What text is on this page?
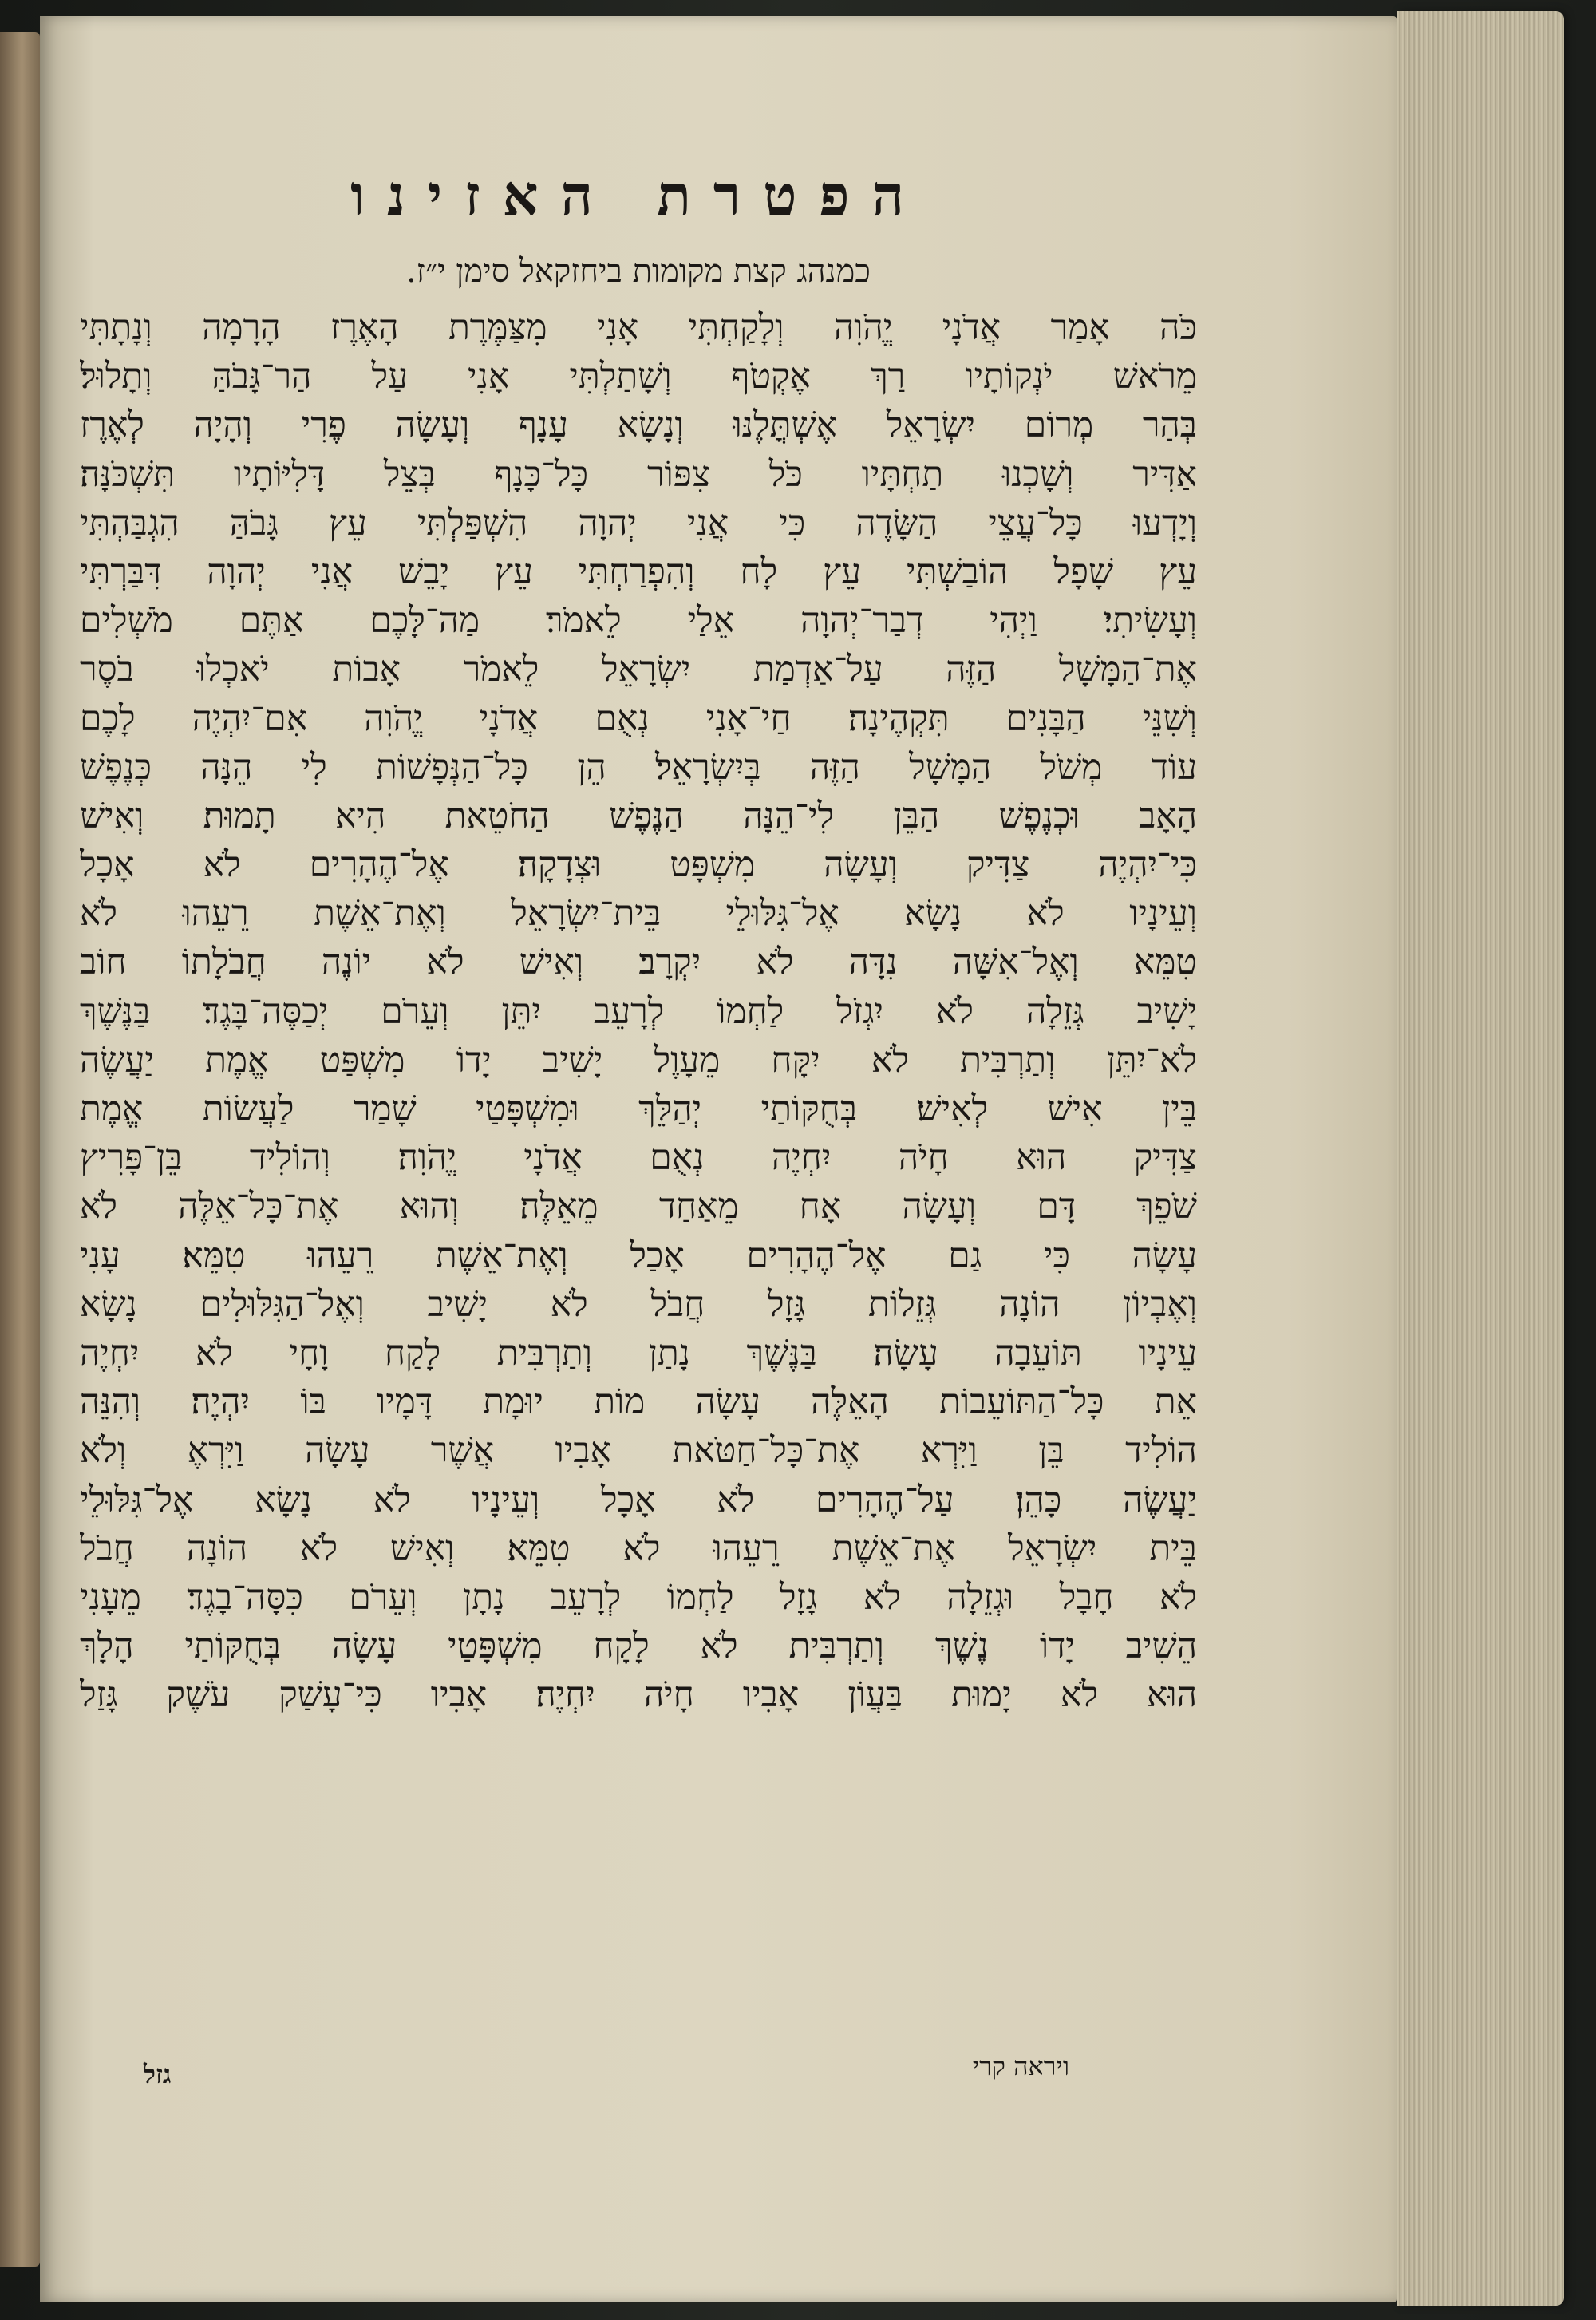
הפטרת האזינו
כמנהג קצת מקומות ביחזקאל סימן י״ז.
כֹּה אָמַר אֲדֹנָי יֱהֹוִה וְלָקַחְתִּי אָנִי מִצַּמֶּרֶת הָאֶרֶז הָרָמָה וְנָתָתִּי
מֵרֹאשׁ יֹנְקוֹתָיו רַךְ אֶקְטֹף וְשָׁתַלְתִּי אָנִי עַל הַר־גָּבֹהַּ וְתָלוּל׃
בְּהַר מְרוֹם יִשְׂרָאֵל אֶשְׁתֳּלֶנּוּ וְנָשָׂא עָנָף וְעָשָׂה פֶרִי וְהָיָה לְאֶרֶז
אַדִּיר וְשָׁכְנוּ תַחְתָּיו כֹּל צִפּוֹר כָּל־כָּנָף בְּצֵל דָּלִיּוֹתָיו תִּשְׁכֹּנָּה׃
וְיָדְעוּ כָּל־עֲצֵי הַשָּׂדֶה כִּי אֲנִי יְהוָה הִשְׁפַּלְתִּי עֵץ גָּבֹהַּ הִגְבַּהְתִּי
עֵץ שָׁפָל הוֹבַשְׁתִּי עֵץ לָח וְהִפְרַחְתִּי עֵץ יָבֵשׁ אֲנִי יְהוָה דִּבַּרְתִּי
וְעָשִׂיתִי׃ וַיְהִי דְבַר־יְהוָה אֵלַי לֵאמֹר׃ מַה־לָּכֶם אַתֶּם מֹשְׁלִים
אֶת־הַמָּשָׁל הַזֶּה עַל־אַדְמַת יִשְׂרָאֵל לֵאמֹר אָבוֹת יֹאכְלוּ בֹסֶר
וְשִׁנֵּי הַבָּנִים תִּקְהֶינָה׃ חַי־אָנִי נְאֻם אֲדֹנָי יֱהֹוִה אִם־יִהְיֶה לָכֶם
עוֹד מְשֹׁל הַמָּשָׁל הַזֶּה בְּיִשְׂרָאֵל׃ הֵן כָּל־הַנְּפָשׁוֹת לִי הֵנָּה כְּנֶפֶשׁ
הָאָב וּכְנֶפֶשׁ הַבֵּן לִי־הֵנָּה הַנֶּפֶשׁ הַחֹטֵאת הִיא תָמוּת׃ וְאִישׁ
כִּי־יִהְיֶה צַדִּיק וְעָשָׂה מִשְׁפָּט וּצְדָקָה׃ אֶל־הֶהָרִים לֹא אָכָל
וְעֵינָיו לֹא נָשָׂא אֶל־גִּלּוּלֵי בֵּית־יִשְׂרָאֵל וְאֶת־אֵשֶׁת רֵעֵהוּ לֹא
טִמֵּא וְאֶל־אִשָּׁה נִדָּה לֹא יִקְרָב׃ וְאִישׁ לֹא יוֹנֶה חֲבֹלָתוֹ חוֹב
יָשִׁיב גְּזֵלָה לֹא יִגְזֹל לַחְמוֹ לְרָעֵב יִתֵּן וְעֵרֹם יְכַסֶּה־בָּגֶד׃ בַּנֶּשֶׁךְ
לֹא־יִתֵּן וְתַרְבִּית לֹא יִקָּח מֵעָוֶל יָשִׁיב יָדוֹ מִשְׁפַּט אֱמֶת יַעֲשֶׂה
בֵּין אִישׁ לְאִישׁ׃ בְּחֻקּוֹתַי יְהַלֵּךְ וּמִשְׁפָּטַי שָׁמַר לַעֲשׂוֹת אֱמֶת
צַדִּיק הוּא חָיֹה יִחְיֶה נְאֻם אֲדֹנָי יֱהֹוִה׃ וְהוֹלִיד בֵּן־פָּרִיץ
שֹׁפֵךְ דָּם וְעָשָׂה אָח מֵאַחַד מֵאֵלֶּה׃ וְהוּא אֶת־כָּל־אֵלֶּה לֹא
עָשָׂה כִּי גַם אֶל־הֶהָרִים אָכַל וְאֶת־אֵשֶׁת רֵעֵהוּ טִמֵּא׃ עָנִי
וְאֶבְיוֹן הוֹנָה גְּזֵלוֹת גָּזָל חֲבֹל לֹא יָשִׁיב וְאֶל־הַגִּלּוּלִים נָשָׂא
עֵינָיו תּוֹעֵבָה עָשָׂה׃ בַּנֶּשֶׁךְ נָתַן וְתַרְבִּית לָקַח וָחָי לֹא יִחְיֶה
אֵת כָּל־הַתּוֹעֵבוֹת הָאֵלֶּה עָשָׂה מוֹת יוּמָת דָּמָיו בּוֹ יִהְיֶה׃ וְהִנֵּה
הוֹלִיד בֵּן וַיִּרְא אֶת־כָּל־חַטֹּאת אָבִיו אֲשֶׁר עָשָׂה וַיִּרְאֶ וְלֹא
יַעֲשֶׂה כָּהֵן׃ עַל־הֶהָרִים לֹא אָכָל וְעֵינָיו לֹא נָשָׂא אֶל־גִּלּוּלֵי
בֵּית יִשְׂרָאֵל אֶת־אֵשֶׁת רֵעֵהוּ לֹא טִמֵּא׃ וְאִישׁ לֹא הוֹנָה חֲבֹל
לֹא חָבָל וּגְזֵלָה לֹא גָזָל לַחְמוֹ לְרָעֵב נָתָן וְעֵרֹם כִּסָּה־בָגֶד׃ מֵעָנִי
הֵשִׁיב יָדוֹ נֶשֶׁךְ וְתַרְבִּית לֹא לָקָח מִשְׁפָּטַי עָשָׂה בְּחֻקּוֹתַי הָלָךְ
הוּא לֹא יָמוּת בַּעֲוֹן אָבִיו חָיֹה יִחְיֶה׃ אָבִיו כִּי־עָשַׁק עֹשֶׁק גָּזַל
ויראה קרי
גזל
